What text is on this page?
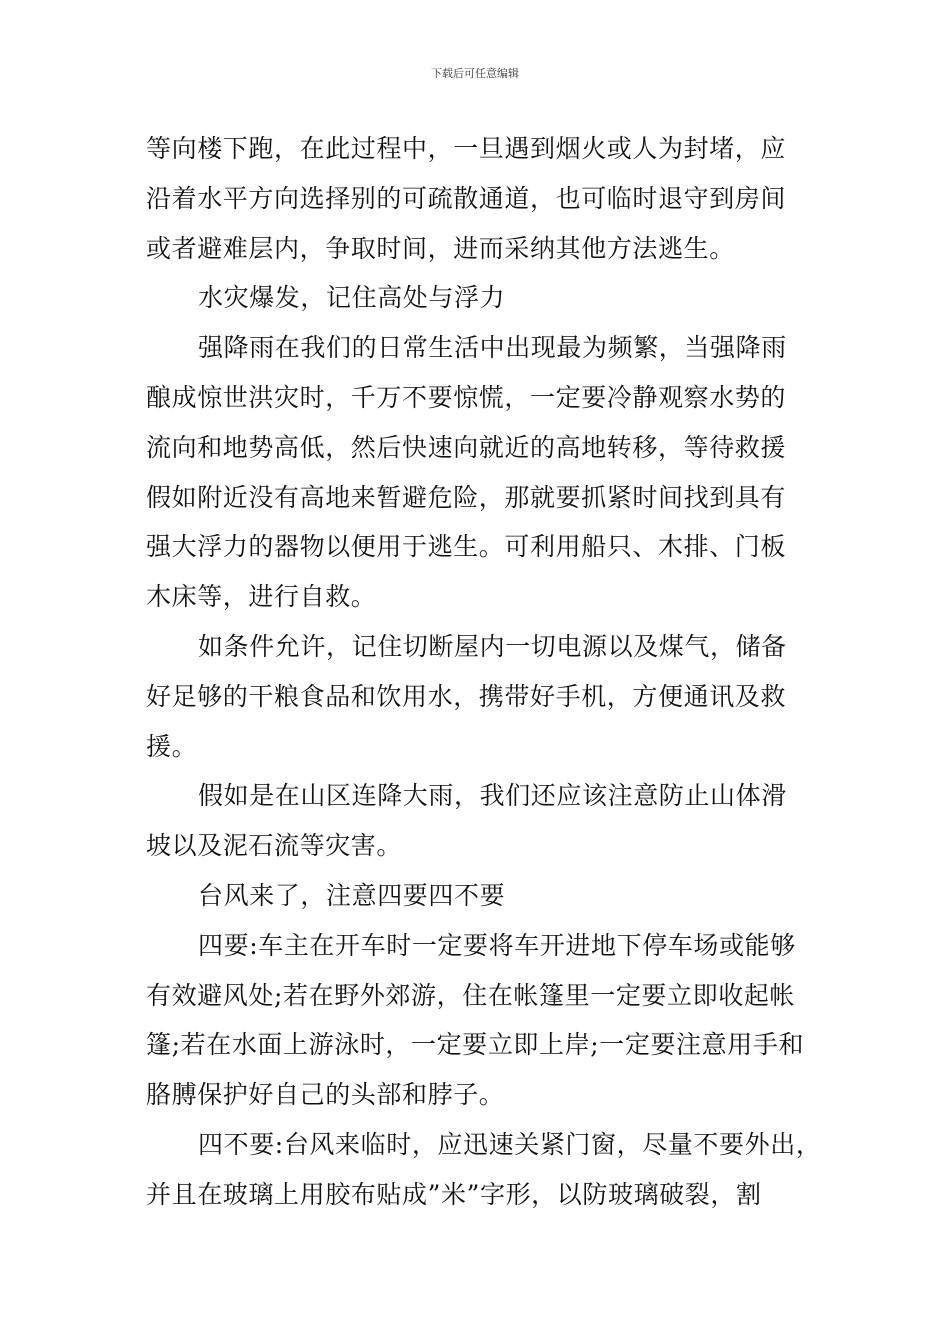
下载后可任意编辑

等向楼下跑，在此过程中，一旦遇到烟火或人为封堵，应

沿着水平方向选择别的可疏散通道，也可临时退守到房间

或者避难层内，争取时间，进而采纳其他方法逃生。

水灾爆发，记住高处与浮力

强降雨在我们的日常生活中出现最为频繁，当强降雨

酿成惊世洪灾时，千万不要惊慌，一定要冷静观察水势的

流向和地势高低，然后快速向就近的高地转移，等待救援

假如附近没有高地来暂避危险，那就要抓紧时间找到具有

强大浮力的器物以便用于逃生。可利用船只、木排、门板

木床等，进行自救。

如条件允许，记住切断屋内一切电源以及煤气，储备

好足够的干粮食品和饮用水，携带好手机，方便通讯及救

援。

假如是在山区连降大雨，我们还应该注意防止山体滑

坡以及泥石流等灾害。

台风来了，注意四要四不要

四要:车主在开车时一定要将车开进地下停车场或能够

有效避风处;若在野外郊游，住在帐篷里一定要立即收起帐

篷;若在水面上游泳时，一定要立即上岸;一定要注意用手和

胳膊保护好自己的头部和脖子。

四不要:台风来临时，应迅速关紧门窗，尽量不要外出，

并且在玻璃上用胶布贴成”米”字形，以防玻璃破裂，割
